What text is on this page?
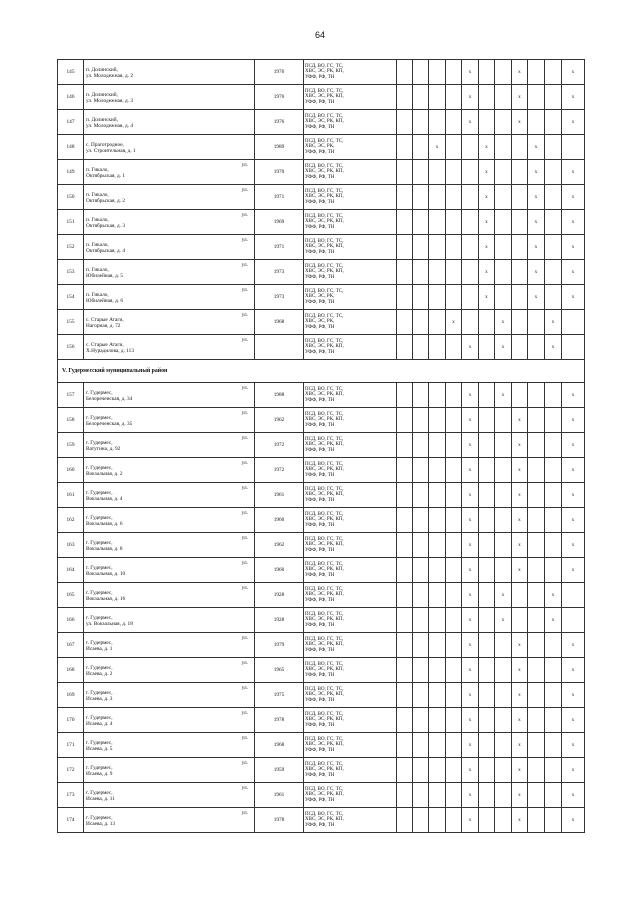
64
145	п. Долинский,
ул. Молодежная, д. 2	1976	ПСД, ВО, ГС, ТС,
ХВС, ЭС, РК, КП,
УФФ, РФ, ТН					x			x			x
146	п. Долинский,
ул. Молодежная, д. 3	1976	ПСД, ВО, ГС, ТС,
ХВС, ЭС, РК, КП,
УФФ, РФ, ТН					x			x			x
147	п. Долинский,
ул. Молодежная, д. 4	1976	ПСД, ВО, ГС, ТС,
ХВС, ЭС, РК, КП,
УФФ, РФ, ТН					x			x			x
148	с. Праготродное,
ул. Строительная, д. 1	1989	ПСД, ВО, ГС, ТС,
ХВС, ЭС, РК,
УФФ, РФ, ТН			x			x			x		
149	п. Гикало,
Октябрьская, д. 1
ул.	1970	ПСД, ВО, ГС, ТС,
ХВС, ЭС, РК, КП,
УФФ, РФ, ТН						x			x		x
150	п. Гикало,
Октябрьская, д. 2
ул.	1971	ПСД, ВО, ГС, ТС,
ХВС, ЭС, РК, КП,
УФФ, РФ, ТН						x			x		x
151	п. Гикало,
Октябрьская, д. 3
ул.	1969	ПСД, ВО, ГС, ТС,
ХВС, ЭС, РК, КП,
УФФ, РФ, ТН						x			x		x
152	п. Гикало,
Октябрьская, д. 4
ул.	1971	ПСД, ВО, ГС, ТС,
ХВС, ЭС, РК, КП,
УФФ, РФ, ТН						x			x		x
153	п. Гикало,
Юбилейная, д. 5
ул.	1973	ПСД, ВО, ГС, ТС,
ХВС, ЭС, РК, КП,
УФФ, РФ, ТН						x			x		x
154	п. Гикало,
Юбилейная, д. 6
ул.	1973	ПСД, ВО, ГС, ТС,
ХВС, ЭС, РК,
УФФ, РФ, ТН						x			x		x
155	с. Старые Атаги,
Нагорная, д. 72
ул.	1968	ПСД, ВО, ГС, ТС,
ХВС, ЭС, РК,
УФФ, РФ, ТН				x			x			x	
156	с. Старые Атаги,
Х.Нурадилова, д. 113
ул.		ПСД, ВО, ГС, ТС,
ХВС, ЭС, РК, КП,
УФФ, РФ, ТН					x		x			x	
V. Гудермесский муниципальный район														
157	г. Гудермес,
Белореченская, д. 34
ул.	1988	ПСД, ВО, ГС, ТС,
ХВС, ЭС, РК, КП,
УФФ, РФ, ТН					x		x				x
158	г. Гудермес,
Белореченская, д. 35
ул.	1962	ПСД, ВО, ГС, ТС,
ХВС, ЭС, РК, КП,
УФФ, РФ, ТН					x			x			x
159	г. Гудермес,
Ватутина, д. 92
ул.	1972	ПСД, ВО, ГС, ТС,
ХВС, ЭС, РК, КП,
УФФ, РФ, ТН					x			x			x
160	г. Гудермес,
Вокзальная, д. 2
ул.	1972	ПСД, ВО, ГС, ТС,
ХВС, ЭС, РК, КП,
УФФ, РФ, ТН					x			x			x
161	г. Гудермес,
Вокзальная, д. 4
ул.	1961	ПСД, ВО, ГС, ТС,
ХВС, ЭС, РК, КП,
УФФ, РФ, ТН					x			x			x
162	г. Гудермес,
Вокзальная, д. 6
ул.	1960	ПСД, ВО, ГС, ТС,
ХВС, ЭС, РК, КП,
УФФ, РФ, ТН					x			x			x
163	г. Гудермес,
Вокзальная, д. 8
ул.	1962	ПСД, ВО, ГС, ТС,
ХВС, ЭС, РК, КП,
УФФ, РФ, ТН					x			x			x
164	г. Гудермес,
Вокзальная, д. 10
ул.	1960	ПСД, ВО, ГС, ТС,
ХВС, ЭС, РК, КП,
УФФ, РФ, ТН					x			x			x
165	г. Гудермес,
Вокзальная, д. 16
ул.	1928	ПСД, ВО, ГС, ТС,
ХВС, ЭС, РК, КП,
УФФ, РФ, ТН					x		x			x	
166	г. Гудермес,
ул. Вокзальная, д. 18	1928	ПСД, ВО, ГС, ТС,
ХВС, ЭС, РК, КП,
УФФ, РФ, ТН					x		x			x	
167	г. Гудермес,
Исаева, д. 1
ул.	1979	ПСД, ВО, ГС, ТС,
ХВС, ЭС, РК, КП,
УФФ, РФ, ТН					x			x			x
168	г. Гудермес,
Исаева, д. 2
ул.	1965	ПСД, ВО, ГС, ТС,
ХВС, ЭС, РК, КП,
УФФ, РФ, ТН					x			x			x
169	г. Гудермес,
Исаева, д. 3
ул.	1975	ПСД, ВО, ГС, ТС,
ХВС, ЭС, РК, КП,
УФФ, РФ, ТН					x			x			x
170	г. Гудермес,
Исаева, д. 4
ул.	1978	ПСД, ВО, ГС, ТС,
ХВС, ЭС, РК, КП,
УФФ, РФ, ТН					x			x			x
171	г. Гудермес,
Исаева, д. 5
ул.	1968	ПСД, ВО, ГС, ТС,
ХВС, ЭС, РК, КП,
УФФ, РФ, ТН					x			x			x
172	г. Гудермес,
Исаева, д. 9
ул.	1959	ПСД, ВО, ГС, ТС,
ХВС, ЭС, РК, КП,
УФФ, РФ, ТН					x			x			x
173	г. Гудермес,
Исаева, д. 11
ул.	1961	ПСД, ВО, ГС, ТС,
ХВС, ЭС, РК, КП,
УФФ, РФ, ТН					x			x			x
174	г. Гудермес,
Исаева, д. 13
ул.	1978	ПСД, ВО, ГС, ТС,
ХВС, ЭС, РК, КП,
УФФ, РФ, ТН					x			x			x
